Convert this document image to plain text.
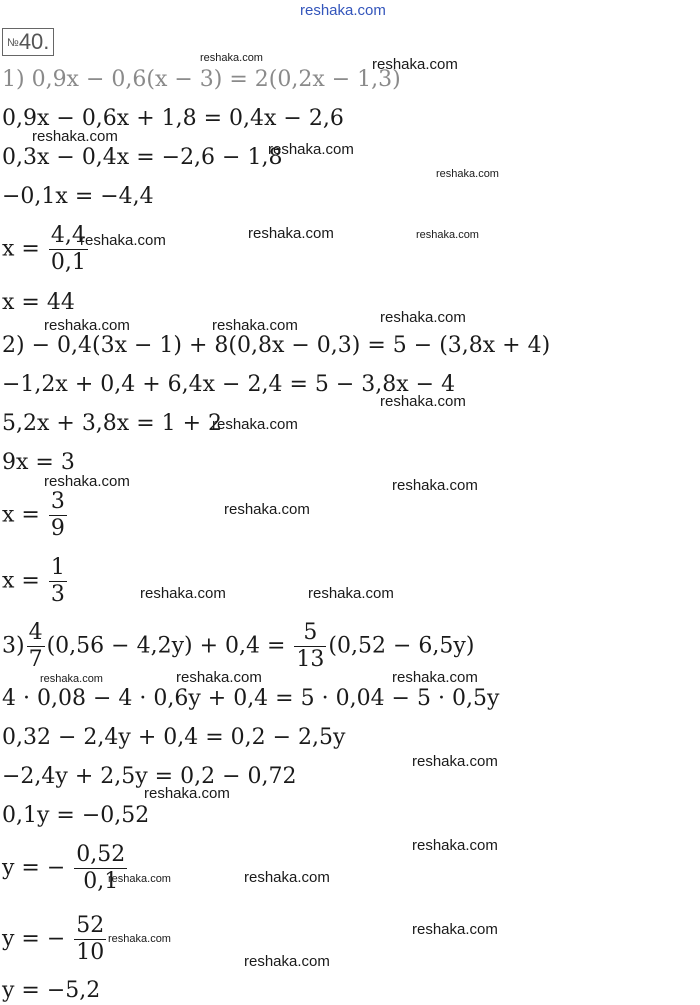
reshaka.com
№40.
1) 0,9x − 0,6(x − 3) = 2(0,2x − 1,3)
0,9x − 0,6x + 1,8 = 0,4x − 2,6
0,3x − 0,4x = −2,6 − 1,8
−0,1x = −4,4
$x = \frac{4,4}{0,1}$
x = 44
2) − 0,4(3x − 1) + 8(0,8x − 0,3) = 5 − (3,8x + 4)
−1,2x + 0,4 + 6,4x − 2,4 = 5 − 3,8x − 4
5,2x + 3,8x = 1 + 2
9x = 3
$x = \frac{3}{9}$
$x = \frac{1}{3}$
$3) \frac{4}{7} (0,56 - 4,2y) + 0,4 = \frac{5}{13} (0,52 - 6,5y)$
4 · 0,08 − 4 · 0,6y + 0,4 = 5 · 0,04 − 5 · 0,5y
0,32 − 2,4y + 0,4 = 0,2 − 2,5y
−2,4y + 2,5y = 0,2 − 0,72
0,1y = −0,52
y = − $\frac{0,52}{0,1}$
y = − $\frac{52}{10}$
y = −5,2
reshaka.com	reshaka.com
reshaka.com
reshaka.com
reshaka.com
reshaka.com	reshaka.com	reshaka.com
reshaka.com
reshaka.com	reshaka.com
reshaka.com
reshaka.com
reshaka.com	reshaka.com
reshaka.com
reshaka.com	reshaka.com
reshaka.com	reshaka.com	reshaka.com
reshaka.com
reshaka.com
reshaka.com
reshaka.com	reshaka.com
reshaka.com
reshaka.com
reshaka.com
